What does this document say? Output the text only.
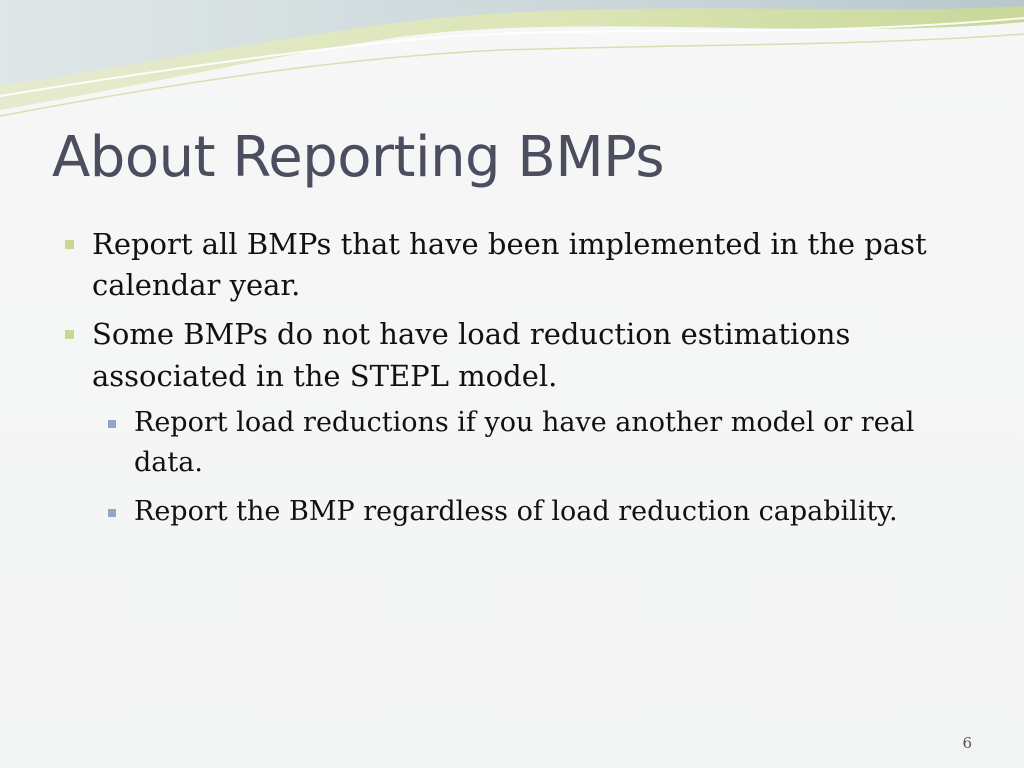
About Reporting BMPs
Report all BMPs that have been implemented in the past calendar year.
Some BMPs do not have load reduction estimations associated in the STEPL model.
Report load reductions if you have another model or real data.
Report the BMP regardless of load reduction capability.
6
